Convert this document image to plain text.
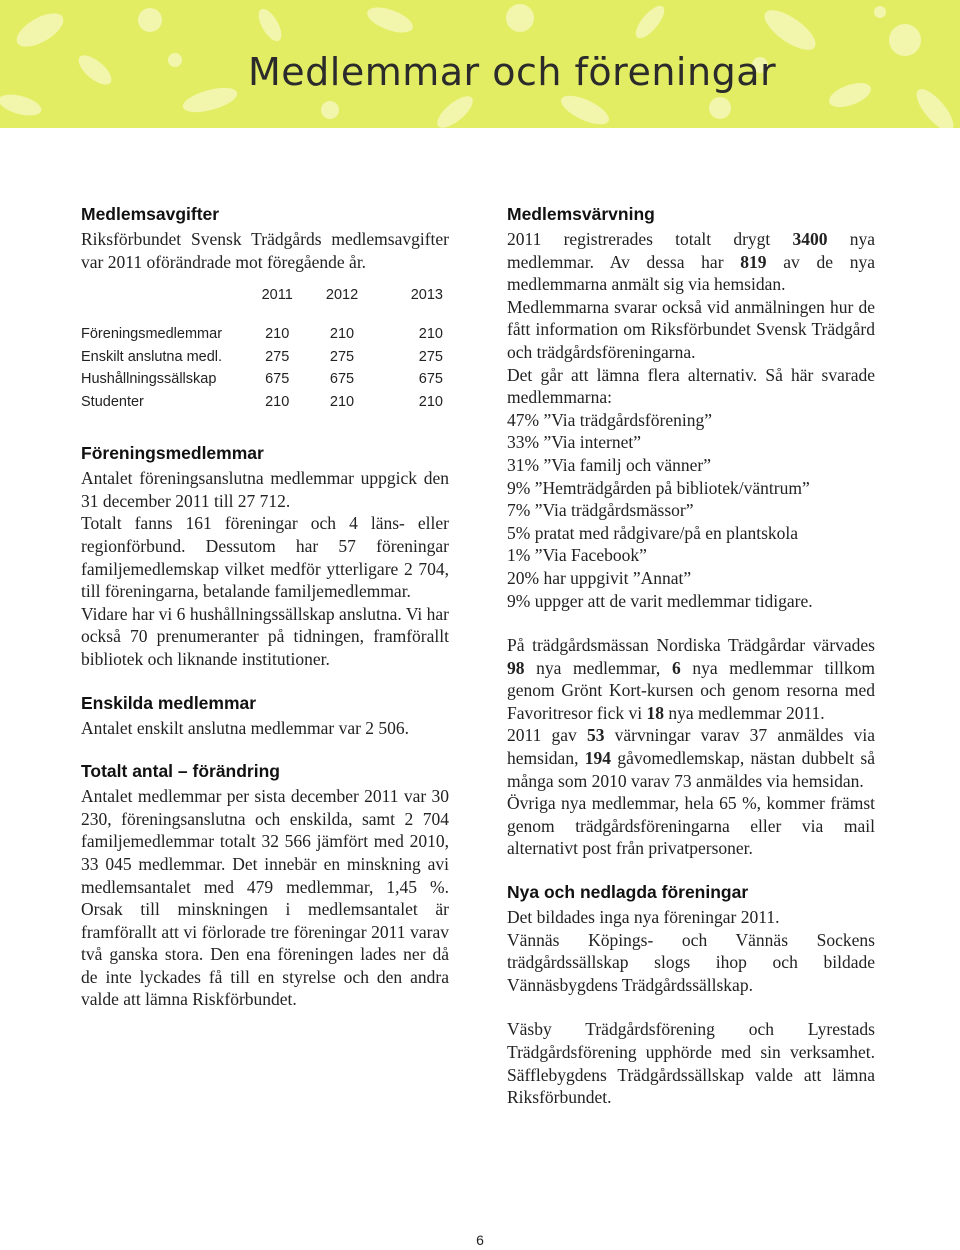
Medlemmar och föreningar
Medlemsavgifter

Riksförbundet Svensk Trädgårds medlemsavgifter var 2011 oförändrade mot föregående år.

	2011	2012	2013
Föreningsmedlemmar	210	210	210
Enskilt anslutna medl.	275	275	275
Hushållningssällskap	675	675	675
Studenter	210	210	210
Föreningsmedlemmar

Antalet föreningsanslutna medlemmar uppgick den 31 december 2011 till 27 712.

Totalt fanns 161 föreningar och 4 läns- eller regionförbund. Dessutom har 57 föreningar familjemedlemskap vilket medför ytterligare 2 704, till föreningarna, betalande familjemedlemmar.

Vidare har vi 6 hushållningssällskap anslutna. Vi har också 70 prenumeranter på tidningen, framförallt bibliotek och liknande institutioner.

Enskilda medlemmar

Antalet enskilt anslutna medlemmar var 2 506.

Totalt antal – förändring

Antalet medlemmar per sista december 2011 var 30 230, föreningsanslutna och enskilda, samt 2 704 familjemedlemmar totalt 32 566 jämfört med 2010, 33 045 medlemmar. Det innebär en minskning avi medlemsantalet med 479 medlemmar, 1,45 %. Orsak till minskningen i medlemsantalet är framförallt att vi förlorade tre föreningar 2011 varav två ganska stora. Den ena föreningen lades ner då de inte lyckades få till en styrelse och den andra valde att lämna Riskförbundet.

Medlemsvärvning

2011 registrerades totalt drygt 3400 nya medlemmar. Av dessa har 819 av de nya medlemmarna anmält sig via hemsidan.

Medlemmarna svarar också vid anmälningen hur de fått information om Riksförbundet Svensk Trädgård och trädgårdsföreningarna.

Det går att lämna flera alternativ. Så här svarade medlemmarna:

47% ”Via trädgårdsförening”

33% ”Via internet”

31% ”Via familj och vänner”

9% ”Hemträdgården på bibliotek/väntrum”

7% ”Via trädgårdsmässor”

5% pratat med rådgivare/på en plantskola

1% ”Via Facebook”

20% har uppgivit ”Annat”

9% uppger att de varit medlemmar tidigare.

På trädgårdsmässan Nordiska Trädgårdar värvades 98 nya medlemmar, 6 nya medlemmar tillkom genom Grönt Kort-kursen och genom resorna med Favoritresor fick vi 18 nya medlemmar 2011.

2011 gav 53 värvningar varav 37 anmäldes via hemsidan, 194 gåvomedlemskap, nästan dubbelt så många som 2010 varav 73 anmäldes via hemsidan.

Övriga nya medlemmar, hela 65 %, kommer främst genom trädgårdsföreningarna eller via mail alternativt post från privatpersoner.

Nya och nedlagda föreningar

Det bildades inga nya föreningar 2011.

Vännäs Köpings- och Vännäs Sockens trädgårdssällskap slogs ihop och bildade Vännäsbygdens Trädgårdssällskap.

Väsby Trädgårdsförening och Lyrestads Trädgårdsförening upphörde med sin verksamhet. Säfflebygdens Trädgårdssällskap valde att lämna Riksförbundet.

6
